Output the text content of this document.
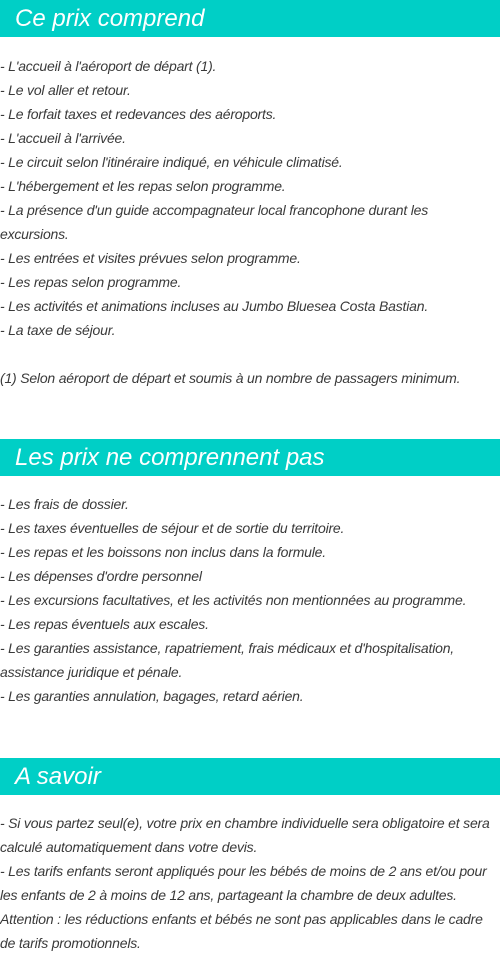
Ce prix comprend
- L'accueil à l'aéroport de départ (1).
- Le vol aller et retour.
- Le forfait taxes et redevances des aéroports.
- L'accueil à l'arrivée.
- Le circuit selon l'itinéraire indiqué, en véhicule climatisé.
- L'hébergement et les repas selon programme.
- La présence d'un guide accompagnateur local francophone durant les excursions.
- Les entrées et visites prévues selon programme.
- Les repas selon programme.
- Les activités et animations incluses au Jumbo Bluesea Costa Bastian.
- La taxe de séjour.
(1) Selon aéroport de départ et soumis à un nombre de passagers minimum.
Les prix ne comprennent pas
- Les frais de dossier.
- Les taxes éventuelles de séjour et de sortie du territoire.
- Les repas et les boissons non inclus dans la formule.
- Les dépenses d'ordre personnel
- Les excursions facultatives, et les activités non mentionnées au programme.
- Les repas éventuels aux escales.
- Les garanties assistance, rapatriement, frais médicaux et d'hospitalisation, assistance juridique et pénale.
- Les garanties annulation, bagages, retard aérien.
A savoir
- Si vous partez seul(e), votre prix en chambre individuelle sera obligatoire et sera calculé automatiquement dans votre devis.
- Les tarifs enfants seront appliqués pour les bébés de moins de 2 ans et/ou pour les enfants de 2 à moins de 12 ans, partageant la chambre de deux adultes.
Attention : les réductions enfants et bébés ne sont pas applicables dans le cadre de tarifs promotionnels.
